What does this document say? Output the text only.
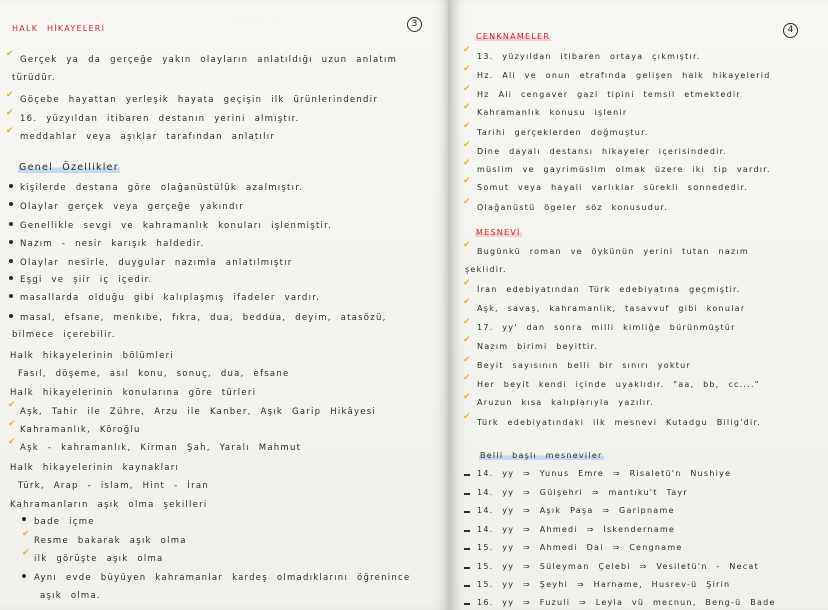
· · · · ·
HALK HİKAYELERİ	3
✔
Gerçek ya da gerçeğe yakın olayların anlatıldığı uzun anlatım
türüdür.
✔ Göçebe hayattan yerleşik hayata geçişin ilk ürünlerindendir
✔
16. yüzyıldan itibaren destanın yerini almıştır.
✔
meddahlar veya aşıklar tarafından anlatılır
Genel Özellikler
kişilerde destana göre olağanüstülük azalmıştır.
Olaylar gerçek veya gerçeğe yakındır
Genellikle sevgi ve kahramanlık konuları işlenmiştir.
Nazım - nesir karışık haldedir.
Olaylar nesirle, duygular nazımla anlatılmıştır
Eşgi ve şiir iç içedir.
masallarda olduğu gibi kalıplaşmış ifadeler vardır.
masal, efsane, menkıbe, fıkra, dua, beddua, deyim, atasözü,
bilmece içerebilir.
Halk hikayelerinin bölümleri
Fasıl, döşeme, asıl konu, sonuç, dua, efsane
Halk hikayelerinin konularına göre türleri
✔
Aşk, Tahir ile Zühre, Arzu ile Kanber, Aşık Garip Hikâyesi
✔
Kahramanlık, Köroğlu
✔
Aşk - kahramanlık, Kirman Şah, Yaralı Mahmut
Halk hikayelerinin kaynakları
Türk, Arap - islam, Hint - İran
Kahramanların aşık olma şekilleri
bade içme
✔
Resme bakarak aşık olma
✔
ilk görüşte aşık olma
Aynı evde büyüyen kahramanlar kardeş olmadıklarını öğrenince
aşık olma.
CENKNAMELER
4
✔
13. yüzyıldan itibaren ortaya çıkmıştır.
✔
Hz. Ali ve onun etrafında gelişen halk hikayelerid
✔
Hz Ali cengaver gazi tipini temsil etmektedir
✔
Kahramanlık konusu işlenir
✔
Tarihi gerçeklerden doğmuştur.
✔
Dine dayalı destansı hikayeler içerisindedir.
✔
müslim ve gayrimüslim olmak üzere iki tip vardır.
✔
Somut veya hayali varlıklar sürekli sonnededir.
✔
Olağanüstü ögeler söz konusudur.
MESNEVİ
✔
Bugünkü roman ve öykünün yerini tutan nazım
şeklidir.
✔
İran edebiyatından Türk edebiyatına geçmiştir.
✔
Aşk, savaş, kahramanlık, tasavvuf gibi konular
✔
17. yy' dan sonra milli kimliğe bürünmüştür
✔
Nazım birimi beyittir.
✔
Beyit sayısının belli bir sınırı yoktur
✔
Her beyit kendi içinde uyaklıdır. "aa, bb, cc...."
✔
Aruzun kısa kalıplarıyla yazılır.
✔
Türk edebiyatındaki ilk mesnevi Kutadgu Bilig'dir.
Belli başlı mesneviler
14. yy ⇒ Yunus Emre ⇒ Risaletü'n Nushiye
14. yy ⇒ Gülşehri ⇒ mantıku't Tayr
14. yy ⇒ Aşık Paşa ⇒ Garipname
14. yy ⇒ Ahmedi ⇒ İskendername
15. yy ⇒ Ahmedi Dai ⇒ Cengname
15. yy ⇒ Süleyman Çelebi ⇒ Vesiletü'n - Necat
15. yy ⇒ Şeyhi ⇒ Harname, Husrev-ü Şirin
16. yy ⇒ Fuzuli ⇒ Leyla vü mecnun, Beng-ü Bade
